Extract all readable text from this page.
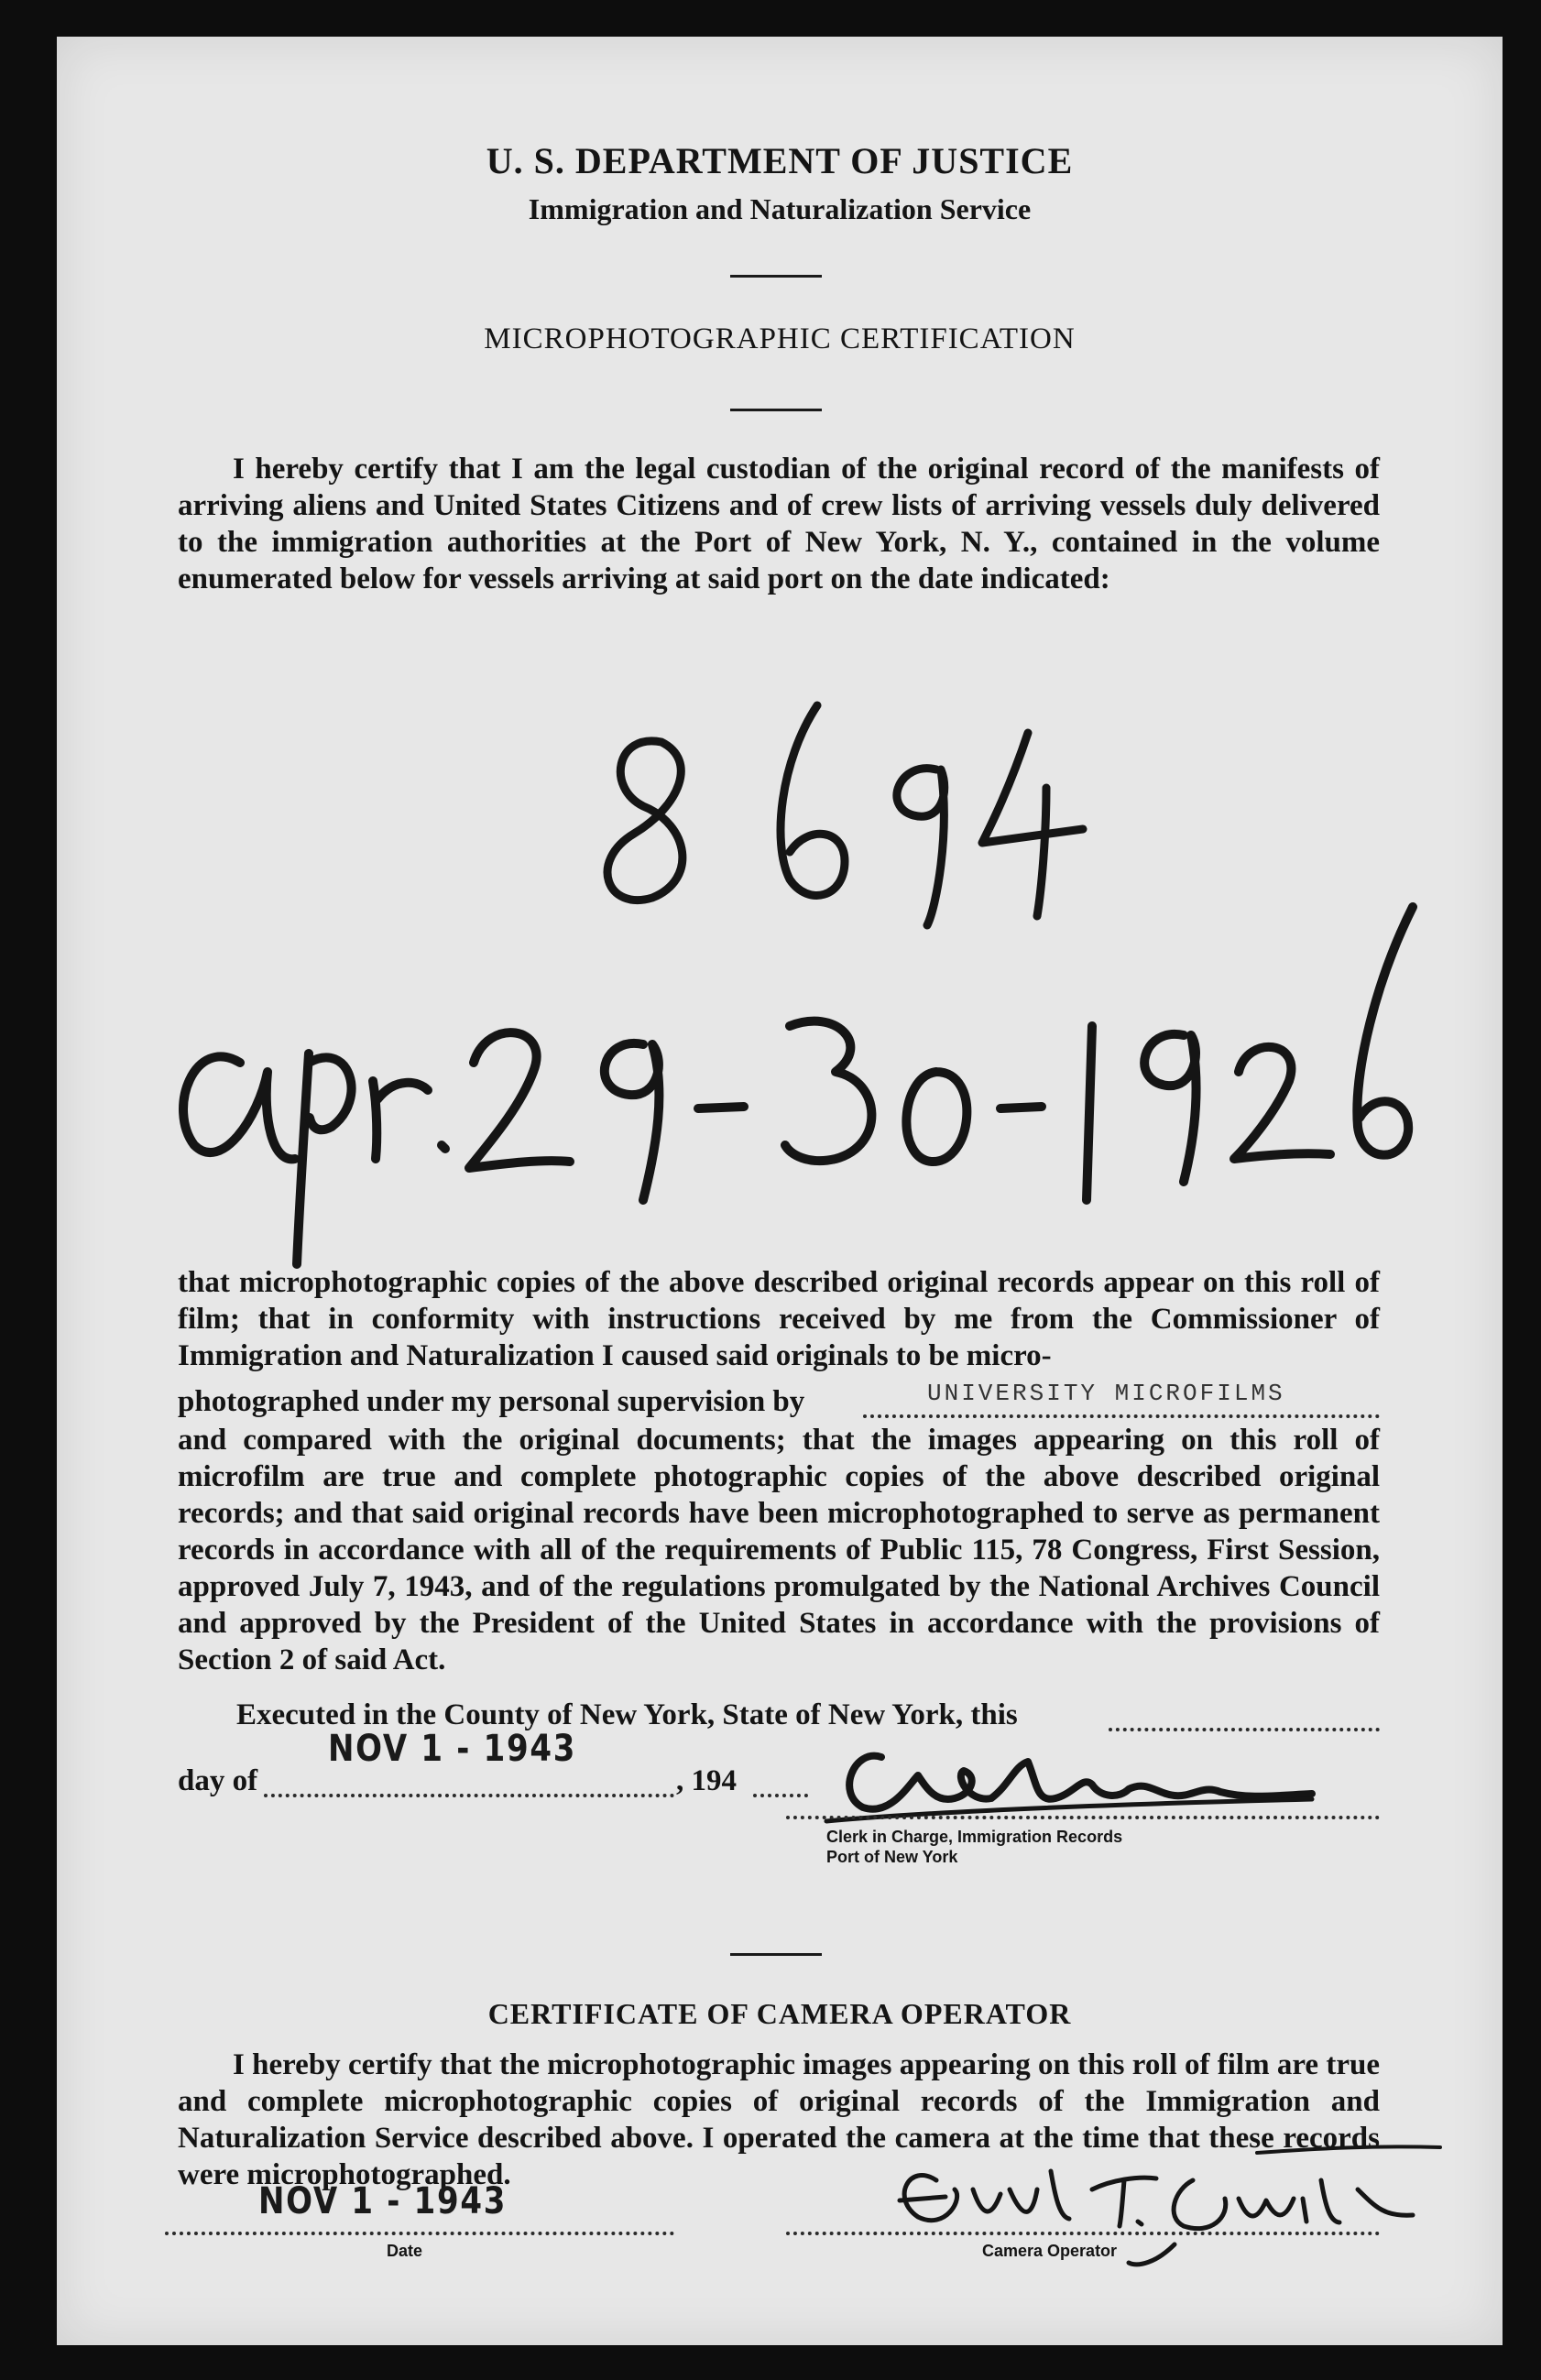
U. S. DEPARTMENT OF JUSTICE
Immigration and Naturalization Service
MICROPHOTOGRAPHIC CERTIFICATION
I hereby certify that I am the legal custodian of the original record of the manifests of arriving aliens and United States Citizens and of crew lists of arriving vessels duly delivered to the immigration authorities at the Port of New York, N. Y., contained in the volume enumerated below for vessels arriving at said port on the date indicated:
that microphotographic copies of the above described original records appear on this roll of film; that in conformity with instructions received by me from the Commissioner of Immigration and Naturalization I caused said originals to be micro-
photographed under my personal supervision by	UNIVERSITY MICROFILMS
and compared with the original documents; that the images appearing on this roll of microfilm are true and complete photographic copies of the above described original records; and that said original records have been microphotographed to serve as permanent records in accordance with all of the requirements of Public 115, 78 Congress, First Session, approved July 7, 1943, and of the regulations promulgated by the National Archives Council and approved by the President of the United States in accordance with the provisions of Section 2 of said Act.
Executed in the County of New York, State of New York, this
day of
NOV 1 - 1943
, 194
Clerk in Charge, Immigration Records
Port of New York
CERTIFICATE OF CAMERA OPERATOR
I hereby certify that the microphotographic images appearing on this roll of film are true and complete microphotographic copies of original records of the Immigration and Naturalization Service described above. I operated the camera at the time that these records were microphotographed.
NOV 1 - 1943
Date	Camera Operator
